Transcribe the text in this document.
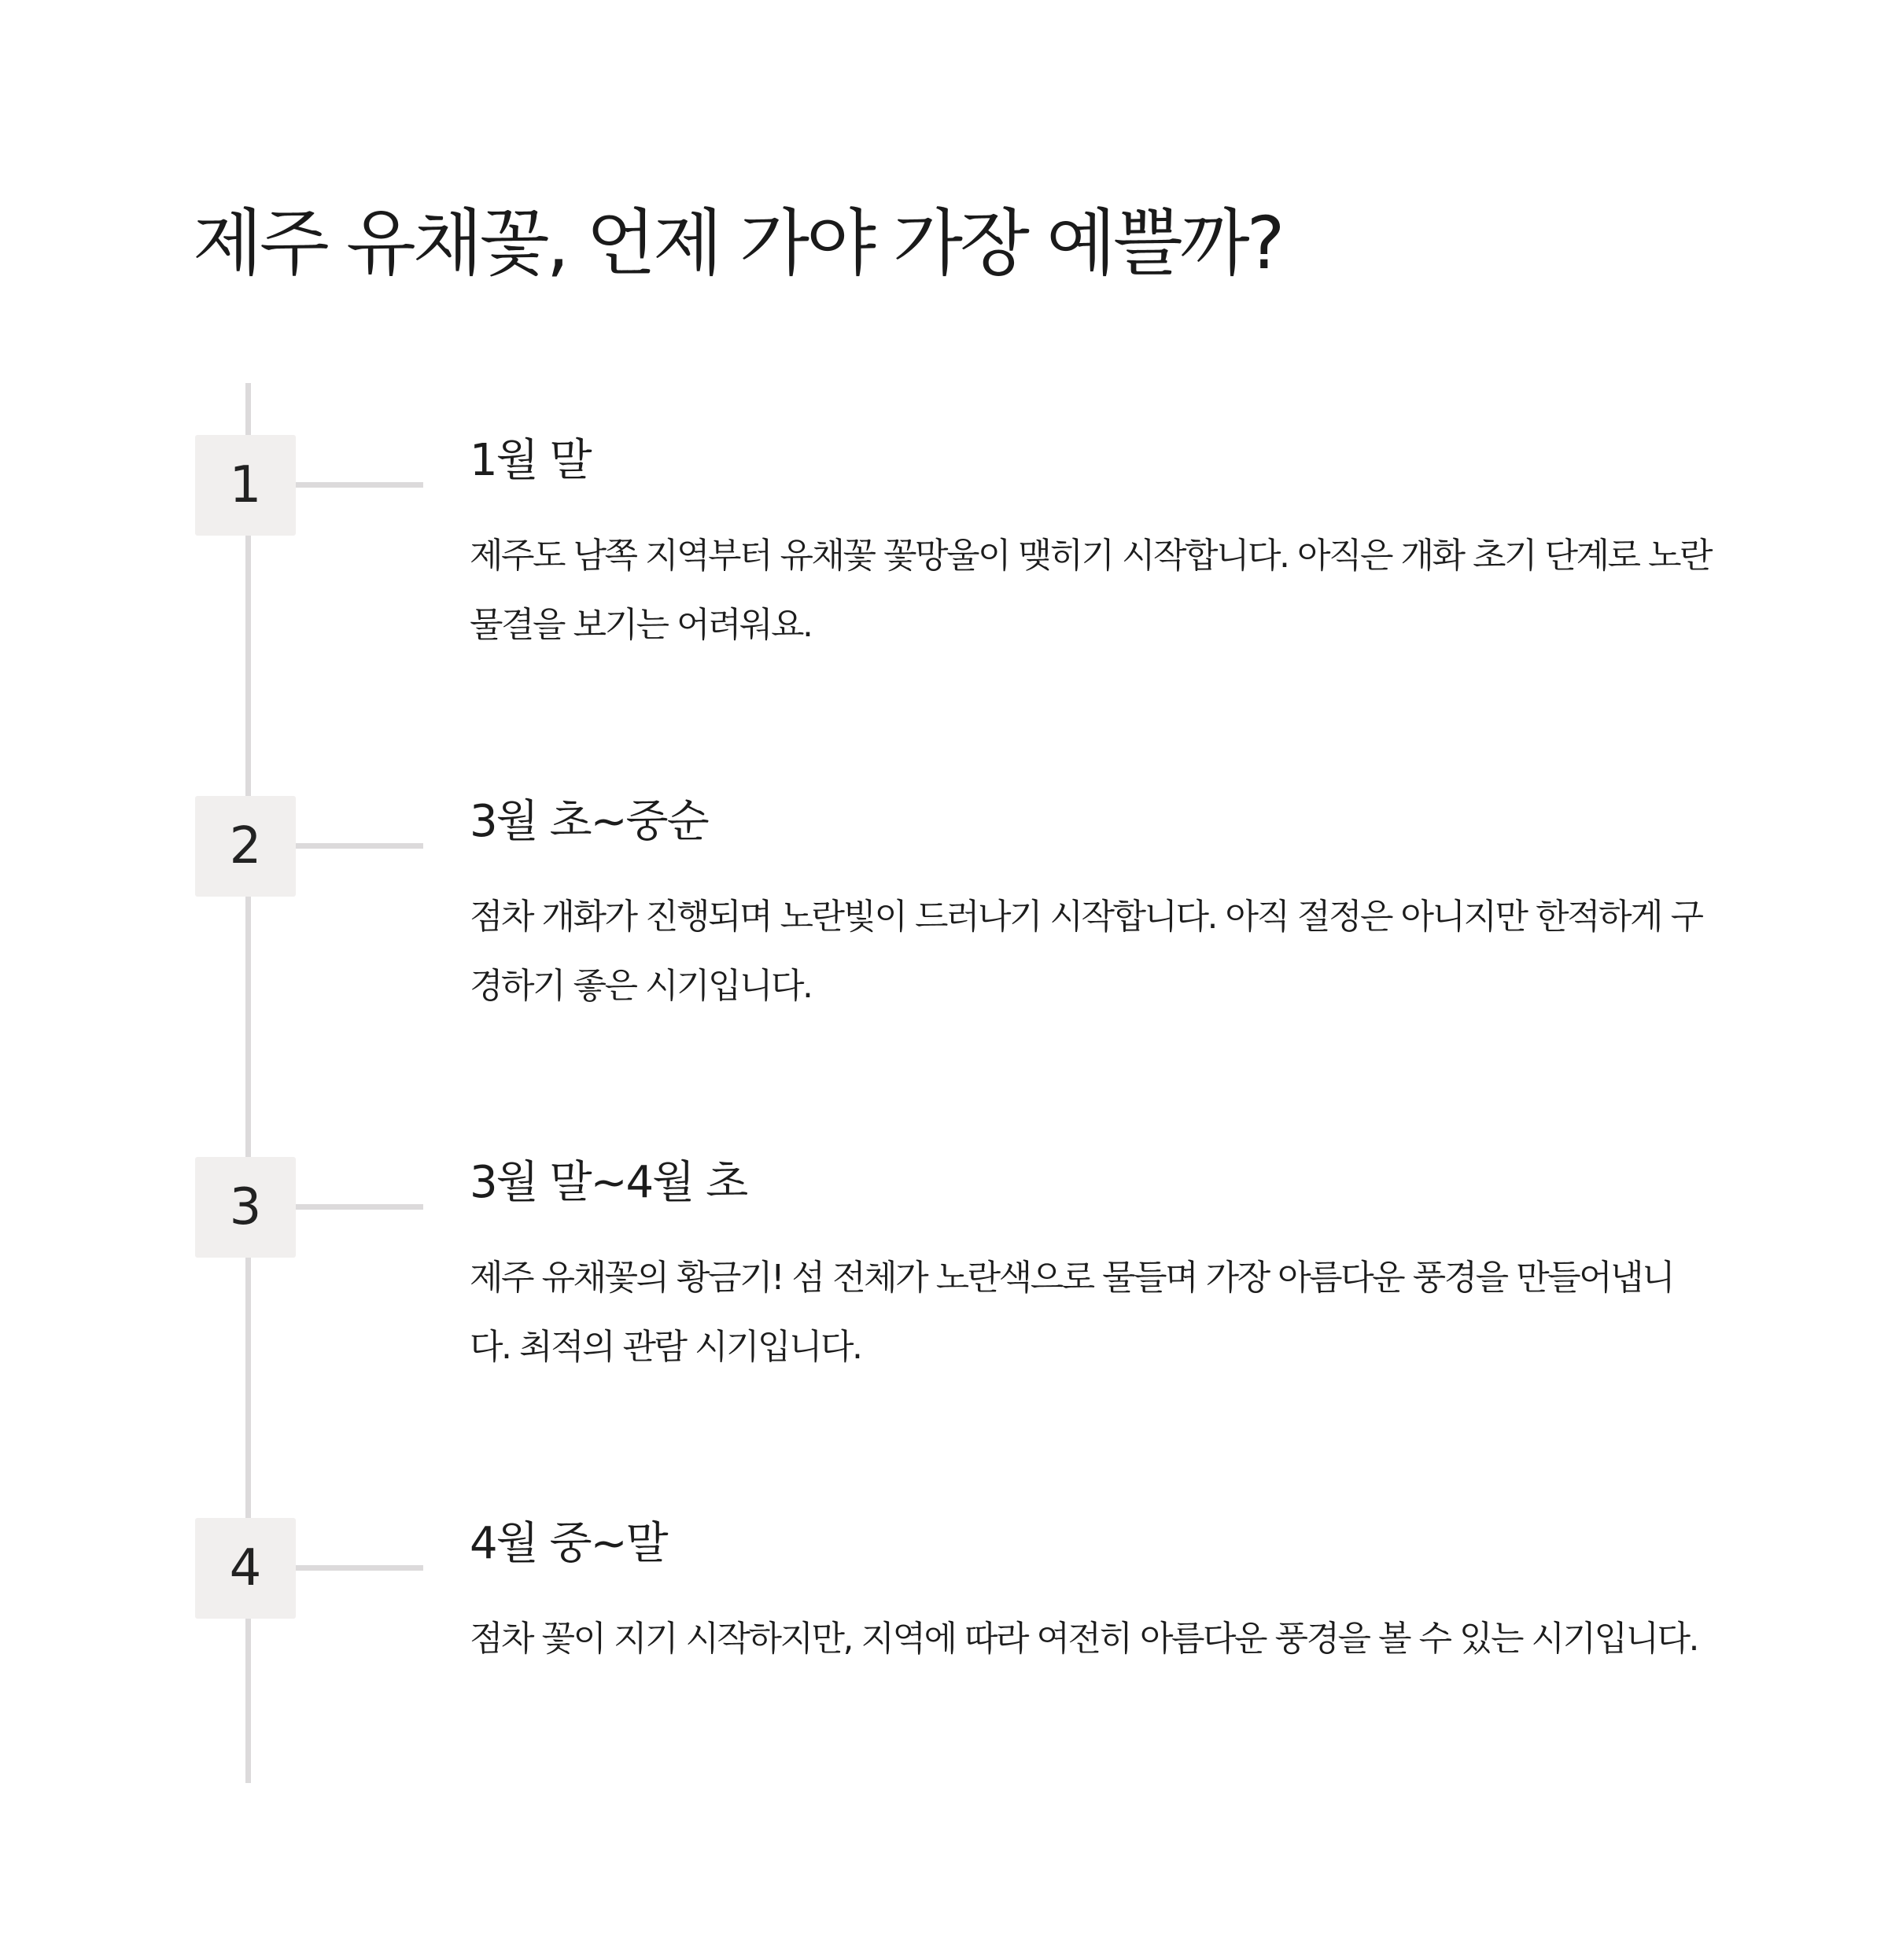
제주 유채꽃, 언제 가야 가장 예쁠까?
1	1월 말

제주도 남쪽 지역부터 유채꽃 꽃망울이 맺히기 시작합니다. 아직은 개화 초기 단계로 노란 물결을 보기는 어려워요.

2	3월 초~중순

점차 개화가 진행되며 노란빛이 드러나기 시작합니다. 아직 절정은 아니지만 한적하게 구경하기 좋은 시기입니다.

3	3월 말~4월 초

제주 유채꽃의 황금기! 섬 전체가 노란색으로 물들며 가장 아름다운 풍경을 만들어냅니다. 최적의 관람 시기입니다.

4	4월 중~말

점차 꽃이 지기 시작하지만, 지역에 따라 여전히 아름다운 풍경을 볼 수 있는 시기입니다.
